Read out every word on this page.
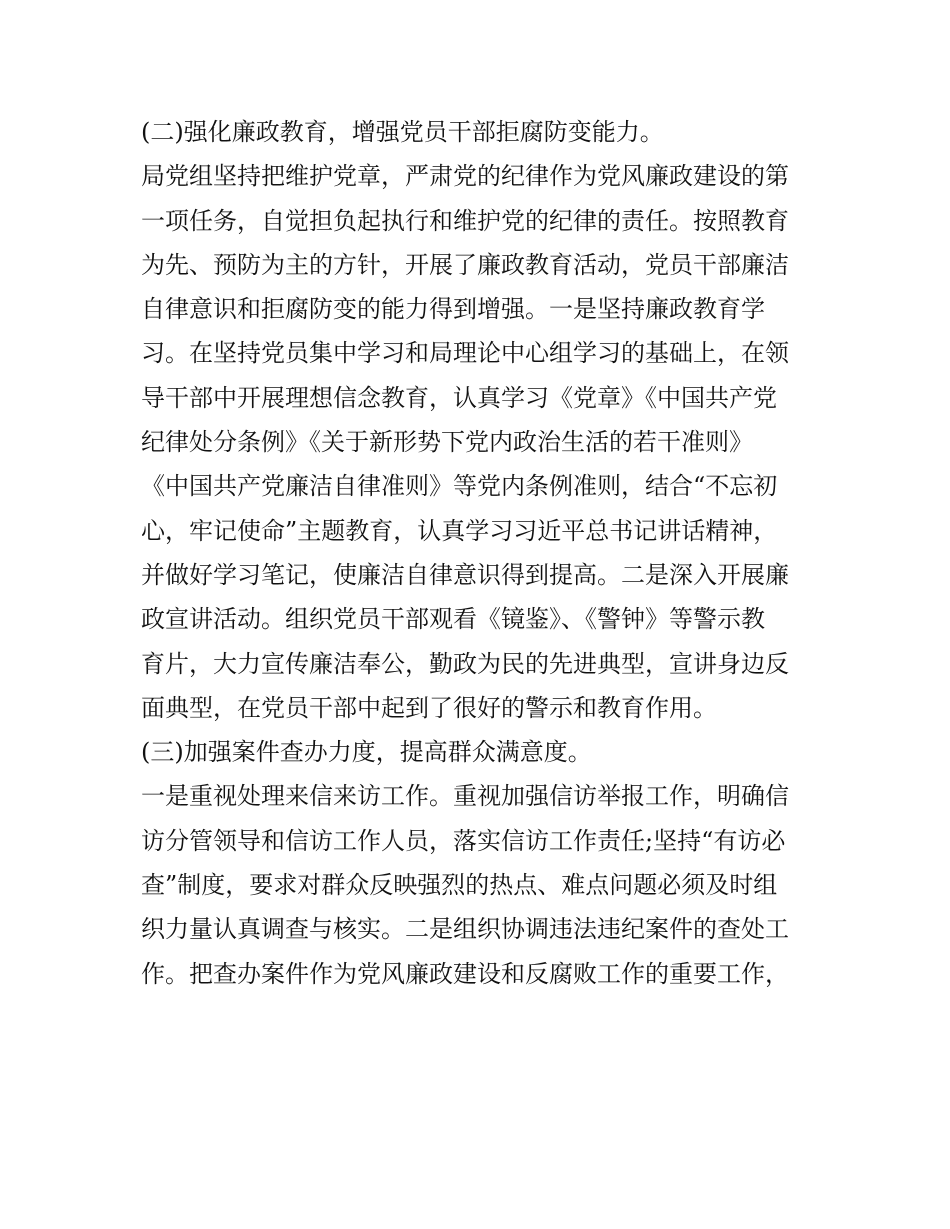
(二)强化廉政教育，增强党员干部拒腐防变能力。
局党组坚持把维护党章，严肃党的纪律作为党风廉政建设的第
一项任务，自觉担负起执行和维护党的纪律的责任。按照教育
为先、预防为主的方针，开展了廉政教育活动，党员干部廉洁
自律意识和拒腐防变的能力得到增强。一是坚持廉政教育学
习。在坚持党员集中学习和局理论中心组学习的基础上，在领
导干部中开展理想信念教育，认真学习《党章》《中国共产党
纪律处分条例》《关于新形势下党内政治生活的若干准则》
《中国共产党廉洁自律准则》等党内条例准则，结合“不忘初
心，牢记使命”主题教育，认真学习习近平总书记讲话精神，
并做好学习笔记，使廉洁自律意识得到提高。二是深入开展廉
政宣讲活动。组织党员干部观看《镜鉴》、《警钟》等警示教
育片，大力宣传廉洁奉公，勤政为民的先进典型，宣讲身边反
面典型，在党员干部中起到了很好的警示和教育作用。
(三)加强案件查办力度，提高群众满意度。
一是重视处理来信来访工作。重视加强信访举报工作，明确信
访分管领导和信访工作人员，落实信访工作责任;坚持“有访必
查”制度，要求对群众反映强烈的热点、难点问题必须及时组
织力量认真调查与核实。二是组织协调违法违纪案件的查处工
作。把查办案件作为党风廉政建设和反腐败工作的重要工作，
